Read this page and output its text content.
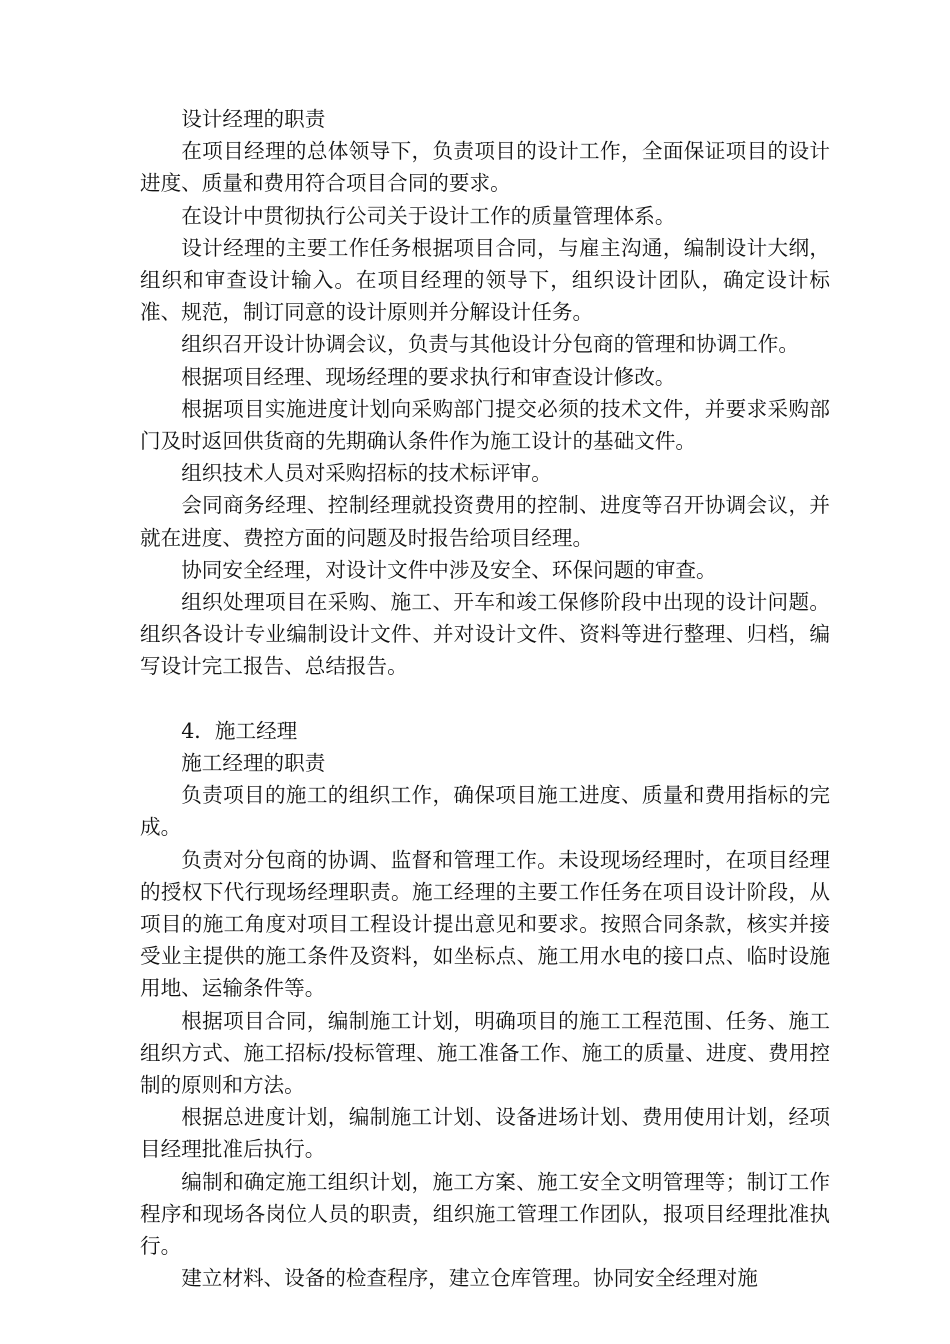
设计经理的职责

在项目经理的总体领导下，负责项目的设计工作，全面保证项目的设计进度、质量和费用符合项目合同的要求。

在设计中贯彻执行公司关于设计工作的质量管理体系。

设计经理的主要工作任务根据项目合同，与雇主沟通，编制设计大纲，组织和审查设计输入。在项目经理的领导下，组织设计团队，确定设计标准、规范，制订同意的设计原则并分解设计任务。

组织召开设计协调会议，负责与其他设计分包商的管理和协调工作。

根据项目经理、现场经理的要求执行和审查设计修改。

根据项目实施进度计划向采购部门提交必须的技术文件，并要求采购部门及时返回供货商的先期确认条件作为施工设计的基础文件。

组织技术人员对采购招标的技术标评审。

会同商务经理、控制经理就投资费用的控制、进度等召开协调会议，并就在进度、费控方面的问题及时报告给项目经理。

协同安全经理，对设计文件中涉及安全、环保问题的审查。

组织处理项目在采购、施工、开车和竣工保修阶段中出现的设计问题。组织各设计专业编制设计文件、并对设计文件、资料等进行整理、归档，编写设计完工报告、总结报告。

4．施工经理

施工经理的职责

负责项目的施工的组织工作，确保项目施工进度、质量和费用指标的完成。

负责对分包商的协调、监督和管理工作。未设现场经理时，在项目经理的授权下代行现场经理职责。施工经理的主要工作任务在项目设计阶段，从项目的施工角度对项目工程设计提出意见和要求。按照合同条款，核实并接受业主提供的施工条件及资料，如坐标点、施工用水电的接口点、临时设施用地、运输条件等。

根据项目合同，编制施工计划，明确项目的施工工程范围、任务、施工组织方式、施工招标/投标管理、施工准备工作、施工的质量、进度、费用控制的原则和方法。

根据总进度计划，编制施工计划、设备进场计划、费用使用计划，经项目经理批准后执行。

编制和确定施工组织计划，施工方案、施工安全文明管理等；制订工作程序和现场各岗位人员的职责，组织施工管理工作团队，报项目经理批准执行。

建立材料、设备的检查程序，建立仓库管理。协同安全经理对施
